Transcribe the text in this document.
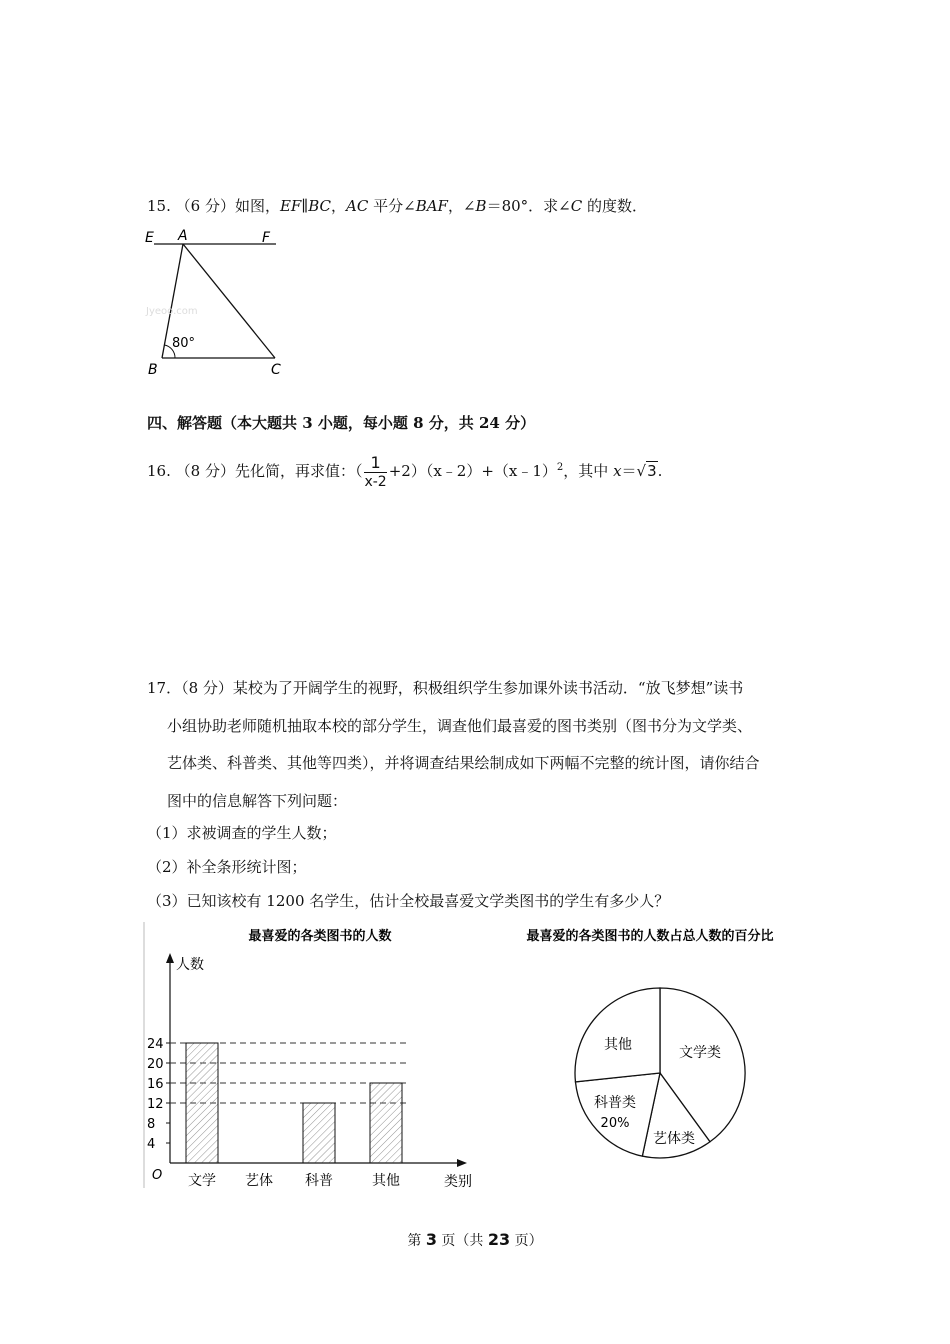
15. （6 分）如图，EF∥BC，AC 平分∠BAF，∠B＝80°．求∠C 的度数．
E A	F
B	C
80°
Jyeoo.com
四、解答题（本大题共 3 小题，每小题 8 分，共 24 分）
16. （8 分）先化简，再求值：（ $\frac{1}{x-2}$ +2）（x﹣2）+（x﹣1）$^2$，其中 x＝√3.
17．（8 分）某校为了开阔学生的视野，积极组织学生参加课外读书活动．“放飞梦想”读书
小组协助老师随机抽取本校的部分学生，调查他们最喜爱的图书类别（图书分为文学类、
艺体类、科普类、其他等四类），并将调查结果绘制成如下两幅不完整的统计图，请你结合
图中的信息解答下列问题：
（1）求被调查的学生人数；
（2）补全条形统计图；
（3）已知该校有 1200 名学生，估计全校最喜爱文学类图书的学生有多少人？
最喜爱的各类图书的人数
人数
类别
O
4
8
12
16
20
24
文学 艺体 科普	其他
最喜爱的各类图书的人数占总人数的百分比
文学类
艺体类
科普类
20%
其他
第 3 页（共 23 页）
